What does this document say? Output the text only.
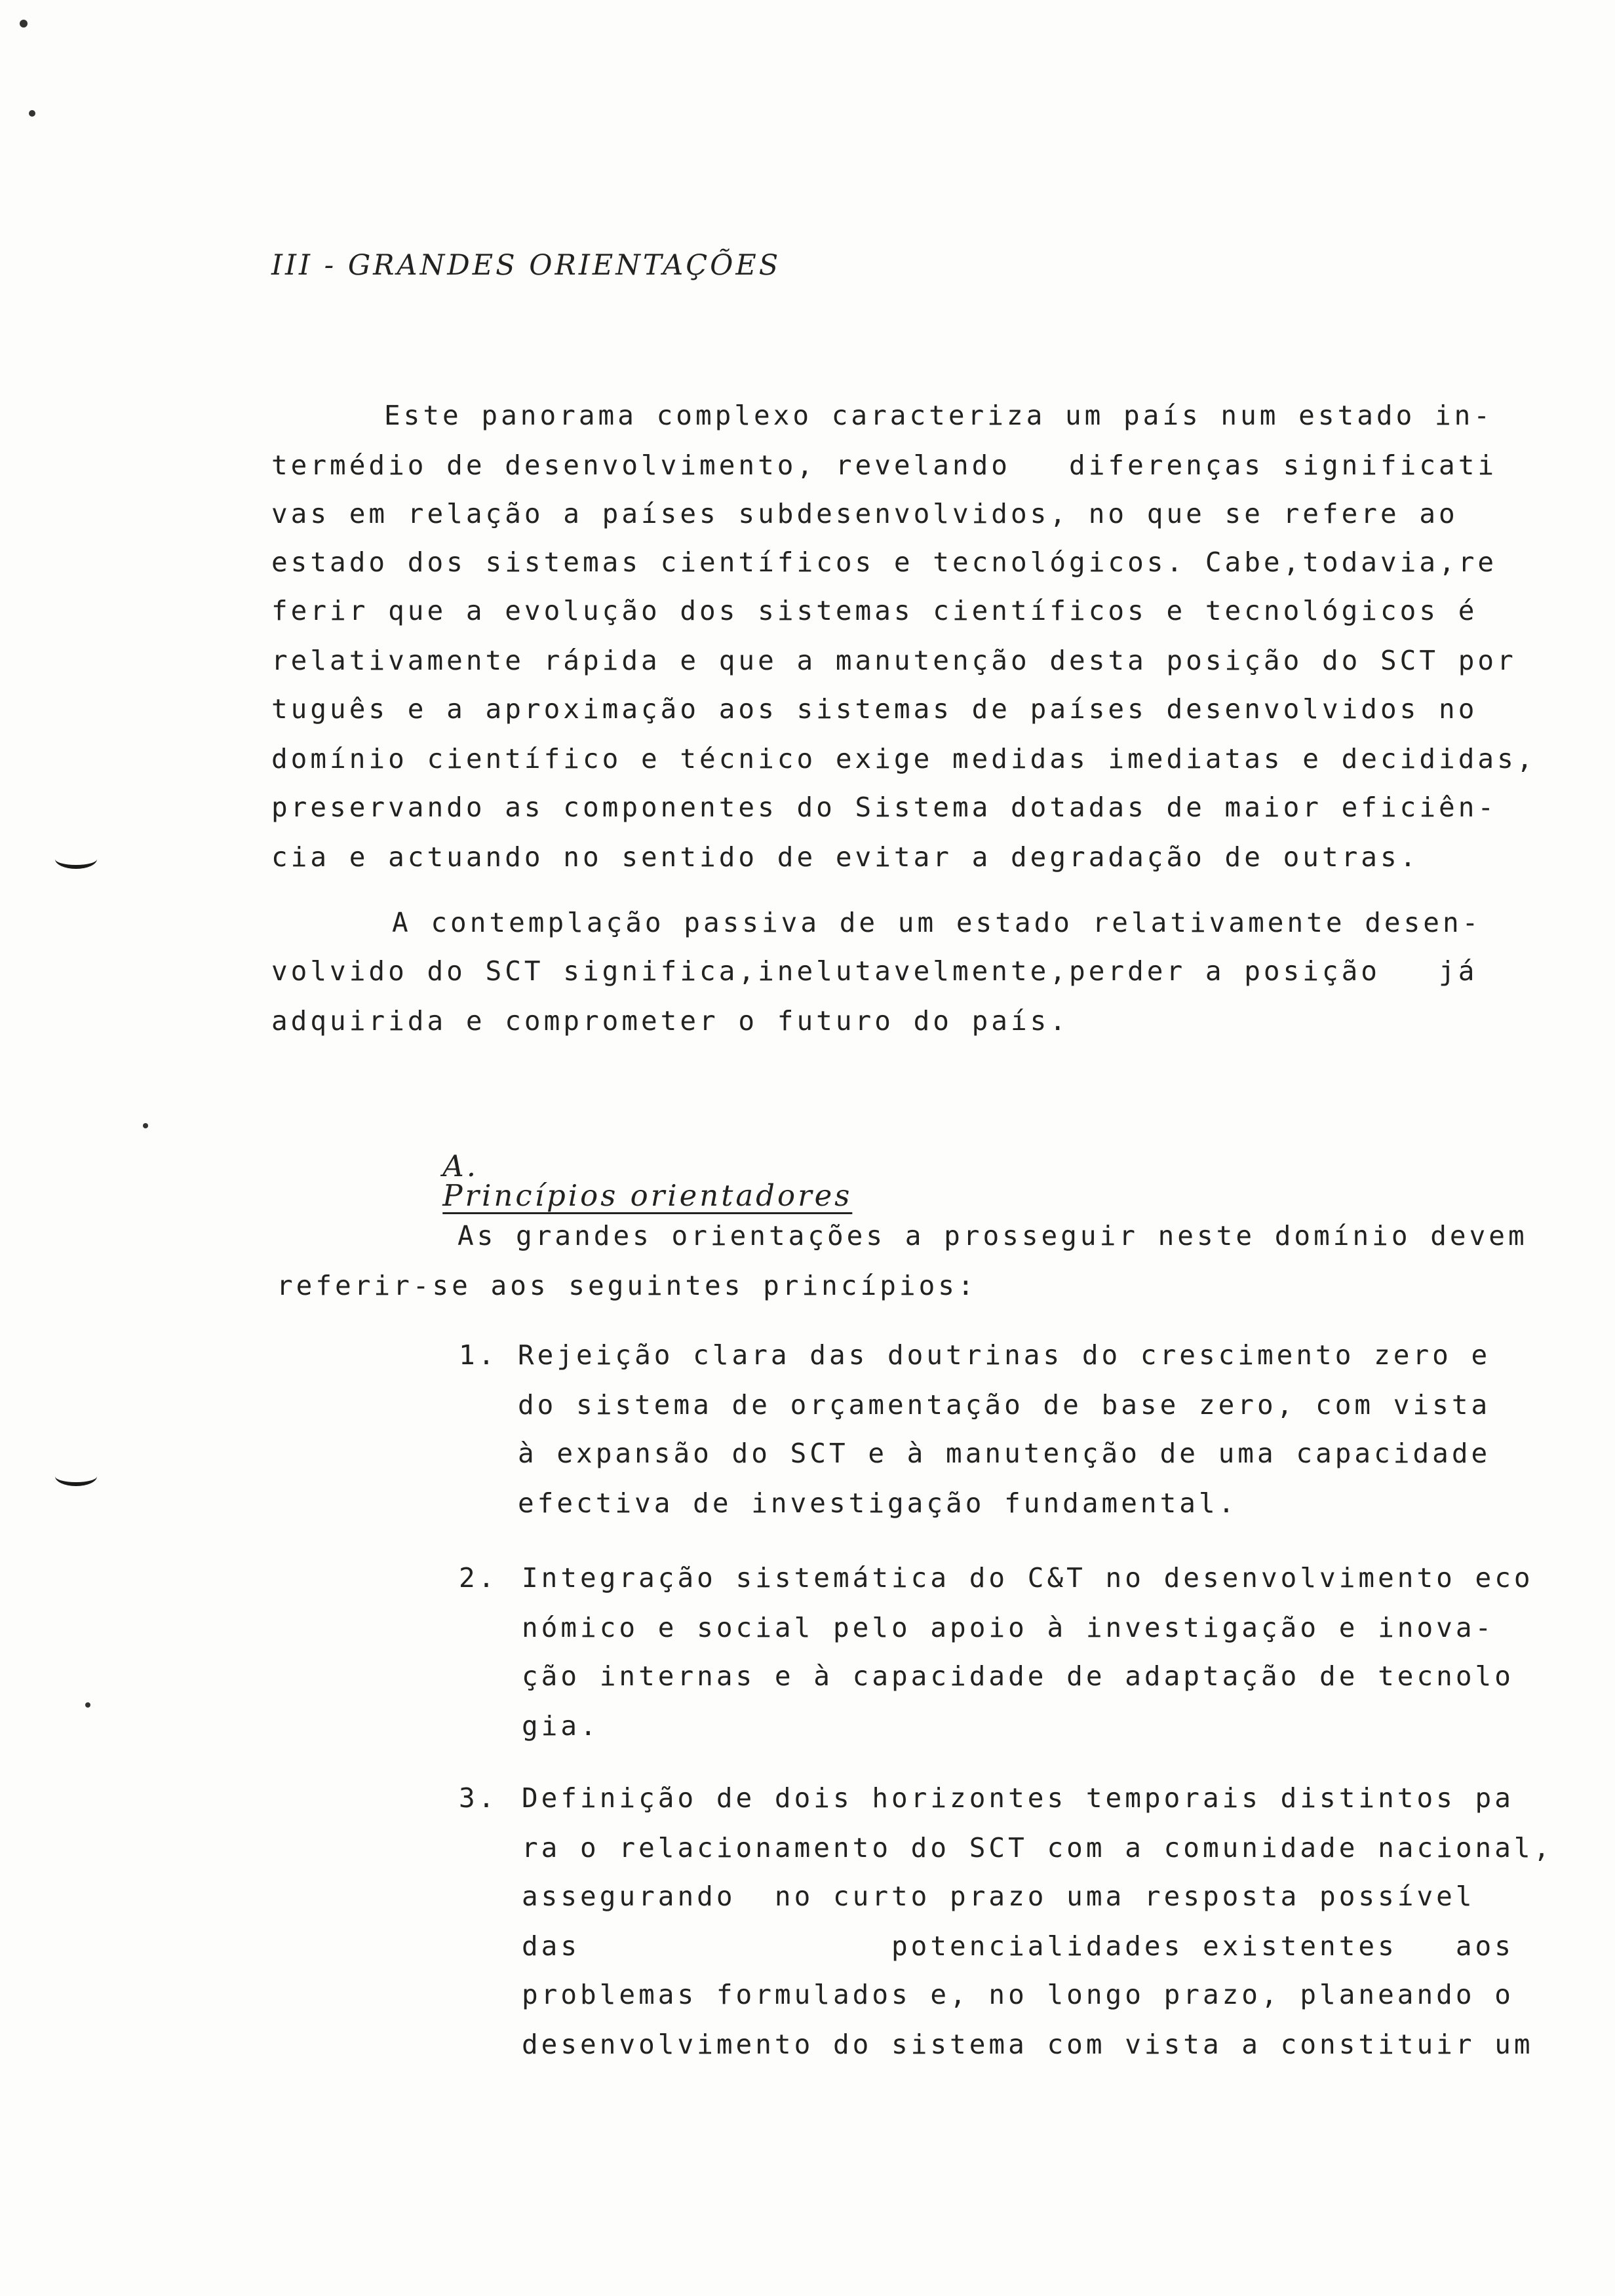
III - GRANDES ORIENTAÇÕES
Este panorama complexo caracteriza um país num estado in-
termédio de desenvolvimento, revelando   diferenças significati
vas em relação a países subdesenvolvidos, no que se refere ao
estado dos sistemas científicos e tecnológicos. Cabe,todavia,re
ferir que a evolução dos sistemas científicos e tecnológicos é
relativamente rápida e que a manutenção desta posição do SCT por
tuguês e a aproximação aos sistemas de países desenvolvidos no
domínio científico e técnico exige medidas imediatas e decididas,
preservando as componentes do Sistema dotadas de maior eficiên-
cia e actuando no sentido de evitar a degradação de outras.
A contemplação passiva de um estado relativamente desen-
volvido do SCT significa,inelutavelmente,perder a posição   já
adquirida e comprometer o futuro do país.

A.
Princípios orientadores

As grandes orientações a prosseguir neste domínio devem
referir-se aos seguintes princípios:
1. Rejeição clara das doutrinas do crescimento zero e
do sistema de orçamentação de base zero, com vista
à expansão do SCT e à manutenção de uma capacidade
efectiva de investigação fundamental.
2. Integração sistemática do C&T no desenvolvimento eco
nómico e social pelo apoio à investigação e inova-
ção internas e à capacidade de adaptação de tecnolo
gia.
3. Definição de dois horizontes temporais distintos pa
ra o relacionamento do SCT com a comunidade nacional,
assegurando  no curto prazo uma resposta possível
das                potencialidades existentes   aos
problemas formulados e, no longo prazo, planeando o
desenvolvimento do sistema com vista a constituir um
